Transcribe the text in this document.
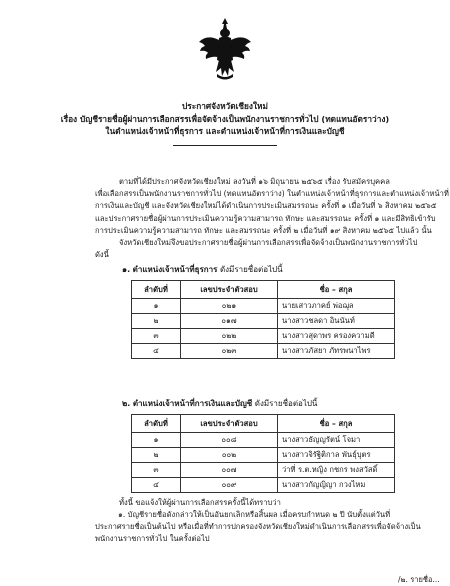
ประกาศจังหวัดเชียงใหม่
เรื่อง บัญชีรายชื่อผู้ผ่านการเลือกสรรเพื่อจัดจ้างเป็นพนักงานราชการทั่วไป (ทดแทนอัตราว่าง)
ในตำแหน่งเจ้าหน้าที่ธุรการ และตำแหน่งเจ้าหน้าที่การเงินและบัญชี
ตามที่ได้มีประกาศจังหวัดเชียงใหม่ ลงวันที่ ๑๖ มิถุนายน ๒๕๖๕ เรื่อง รับสมัครบุคคล
เพื่อเลือกสรรเป็นพนักงานราชการทั่วไป (ทดแทนอัตราว่าง) ในตำแหน่งเจ้าหน้าที่ธุรการและตำแหน่งเจ้าหน้าที่
การเงินและบัญชี และจังหวัดเชียงใหม่ได้ดำเนินการประเมินสมรรถนะ ครั้งที่ ๑ เมื่อวันที่ ๖ สิงหาคม ๒๕๖๕
และประกาศรายชื่อผู้ผ่านการประเมินความรู้ความสามารถ ทักษะ และสมรรถนะ ครั้งที่ ๑ และมีสิทธิเข้ารับ
การประเมินความรู้ความสามารถ ทักษะ และสมรรถนะ ครั้งที่ ๒ เมื่อวันที่ ๑๙ สิงหาคม ๒๕๖๕ ไปแล้ว นั้น
จังหวัดเชียงใหม่จึงขอประกาศรายชื่อผู้ผ่านการเลือกสรรเพื่อจัดจ้างเป็นพนักงานราชการทั่วไป
ดังนี้
๑. ตำแหน่งเจ้าหน้าที่ธุรการ ดังมีรายชื่อต่อไปนี้
ลำดับที่	เลขประจำตัวสอบ	ชื่อ – สกุล
๑	๐๒๑	นายเสาวภาคย์ พ่อฌุล
๒	๐๑๗	นางสาวชลดา อินนันท์
๓	๐๒๒	นางสาวสุดาพร ครองความดี
๔	๐๒๓	นางสาวภัสยา ภัทรพนาไพร
๒. ตำแหน่งเจ้าหน้าที่การเงินและบัญชี ดังมีรายชื่อต่อไปนี้
ลำดับที่	เลขประจำตัวสอบ	ชื่อ – สกุล
๑	๐๐๘	นางสาวธัญญรัตน์ โจมา
๒	๐๐๒	นางสาวจิรัฐิติกาล พันธุ์บุตร
๓	๐๐๗	ว่าที่ ร.ต.หญิง กชกร พงสวัสดิ์
๔	๐๐๙	นางสาวกัญญิญา กวงไหม
ทั้งนี้ ขอแจ้งให้ผู้ผ่านการเลือกสรรครั้งนี้ได้ทราบว่า
๑. บัญชีรายชื่อดังกล่าวให้เป็นอันยกเลิกหรือสิ้นผล เมื่อครบกำหนด ๒ ปี นับตั้งแต่วันที่
ประกาศรายชื่อเป็นต้นไป หรือเมื่อที่ทำการปกครองจังหวัดเชียงใหม่ดำเนินการเลือกสรรเพื่อจัดจ้างเป็น
พนักงานราชการทั่วไป ในครั้งต่อไป
/๒. รายชื่อ...
